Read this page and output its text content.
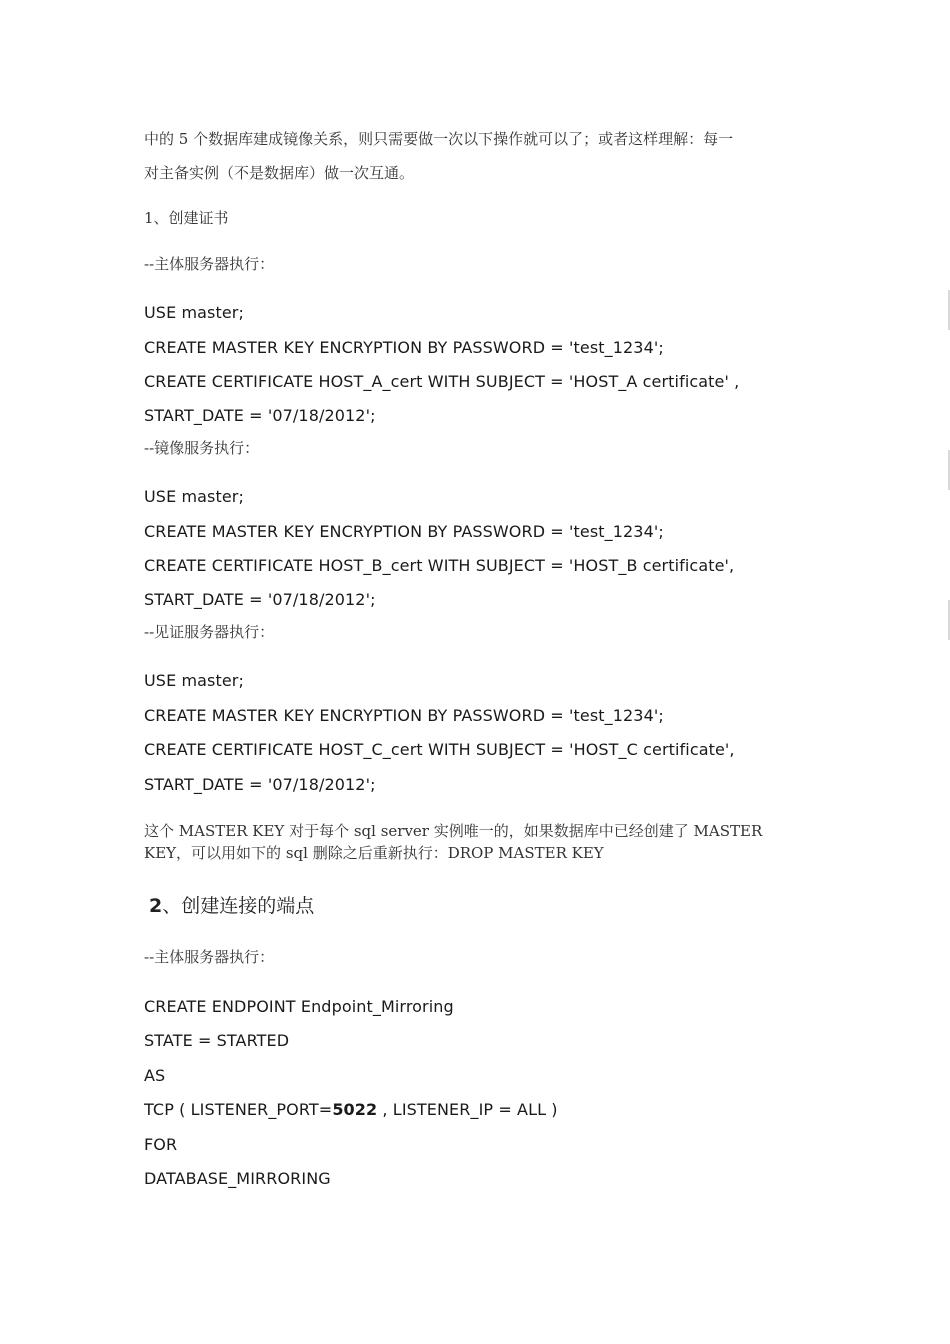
中的 5 个数据库建成镜像关系，则只需要做一次以下操作就可以了；或者这样理解：每一
对主备实例（不是数据库）做一次互通。
1、创建证书
--主体服务器执行：
USE master;
CREATE MASTER KEY ENCRYPTION BY PASSWORD = 'test_1234';
CREATE CERTIFICATE HOST_A_cert WITH SUBJECT = 'HOST_A certificate' ,
START_DATE = '07/18/2012';
--镜像服务执行：
USE master;
CREATE MASTER KEY ENCRYPTION BY PASSWORD = 'test_1234';
CREATE CERTIFICATE HOST_B_cert WITH SUBJECT = 'HOST_B certificate',
START_DATE = '07/18/2012';
--见证服务器执行：
USE master;
CREATE MASTER KEY ENCRYPTION BY PASSWORD = 'test_1234';
CREATE CERTIFICATE HOST_C_cert WITH SUBJECT = 'HOST_C certificate',
START_DATE = '07/18/2012';
这个 MASTER KEY 对于每个 sql server 实例唯一的，如果数据库中已经创建了 MASTER
KEY，可以用如下的 sql 删除之后重新执行：DROP MASTER KEY
2、创建连接的端点
--主体服务器执行：
CREATE ENDPOINT Endpoint_Mirroring
STATE = STARTED
AS
TCP ( LISTENER_PORT=5022 , LISTENER_IP = ALL )
FOR
DATABASE_MIRRORING
